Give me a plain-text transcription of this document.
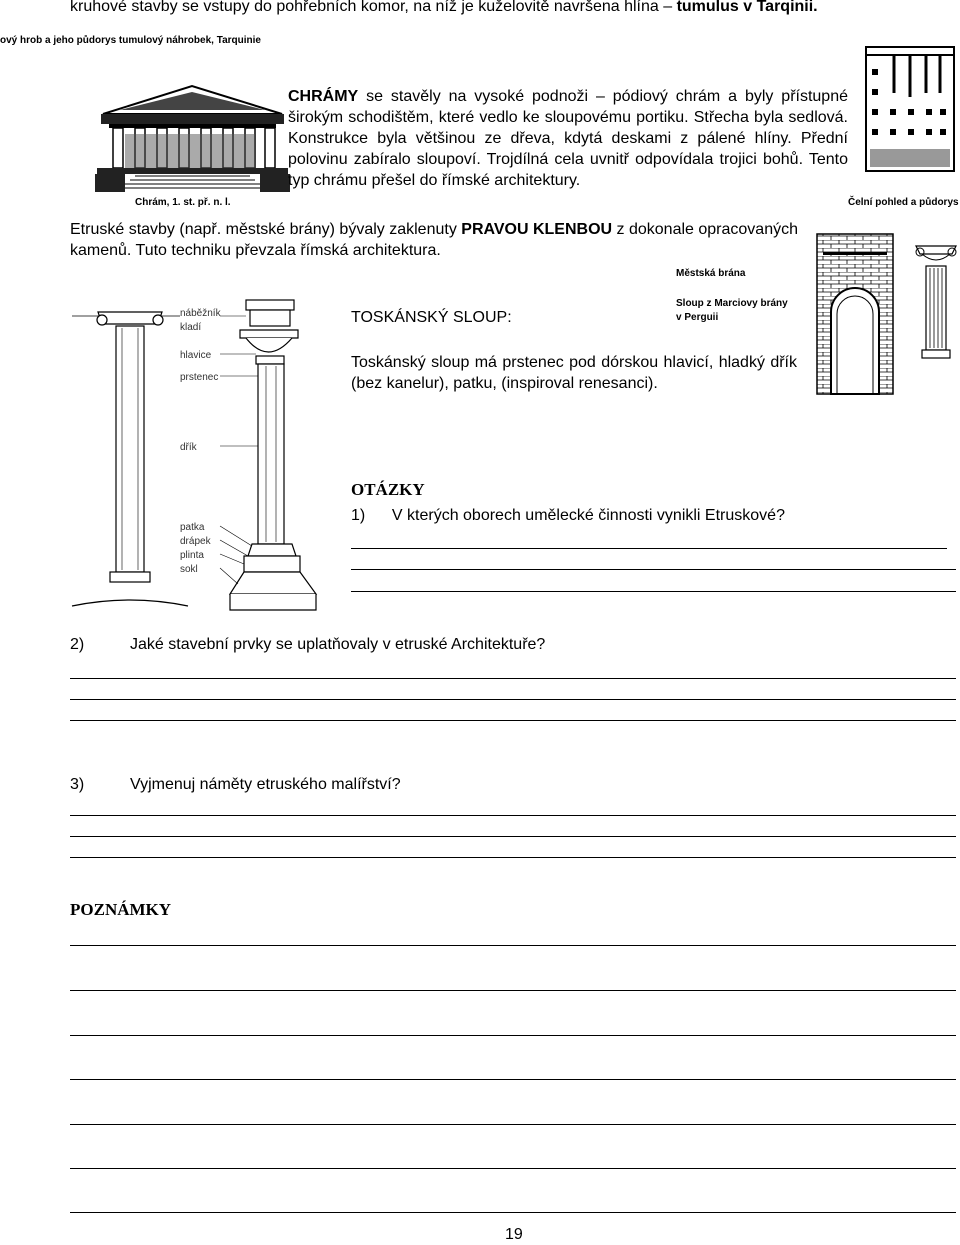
kruhové stavby se vstupy do pohřebních komor, na níž je kuželovitě navršena hlína – tumulus v Tarqinii.
ový hrob a jeho půdorys tumulový náhrobek, Tarquinie
Chrám, 1. st. př. n. l.
CHRÁMY se stavěly na vysoké podnoži – pódiový chrám a byly přístupné širokým schodištěm, které vedlo ke sloupovému portiku. Střecha byla sedlová. Konstrukce byla většinou ze dřeva, kdytá deskami z pálené hlíny. Přední polovinu zabíralo sloupoví. Trojdílná cela uvnitř odpovídala trojici bohů. Tento typ chrámu přešel do římské architektury.
Čelní pohled a půdorys
Etruské stavby (např. městské brány) bývaly zaklenuty PRAVOU KLENBOU z dokonale opracovaných kamenů. Tuto techniku převzala římská architektura.
Městská brána
Sloup z Marciovy brány
v Perguii
TOSKÁNSKÝ SLOUP:
Toskánský sloup má prstenec pod dórskou hlavicí, hladký dřík (bez kanelur), patku, (inspiroval renesanci).
náběžník
kladí
hlavice
prstenec
dřík
patka
drápek
plinta
sokl
OTÁZKY
1)      V kterých oborech umělecké činnosti vynikli Etruskové?
2)	Jaké stavební prvky se uplatňovaly v etruské Architektuře?
3)	Vyjmenuj náměty etruského malířství?
POZNÁMKY
19
